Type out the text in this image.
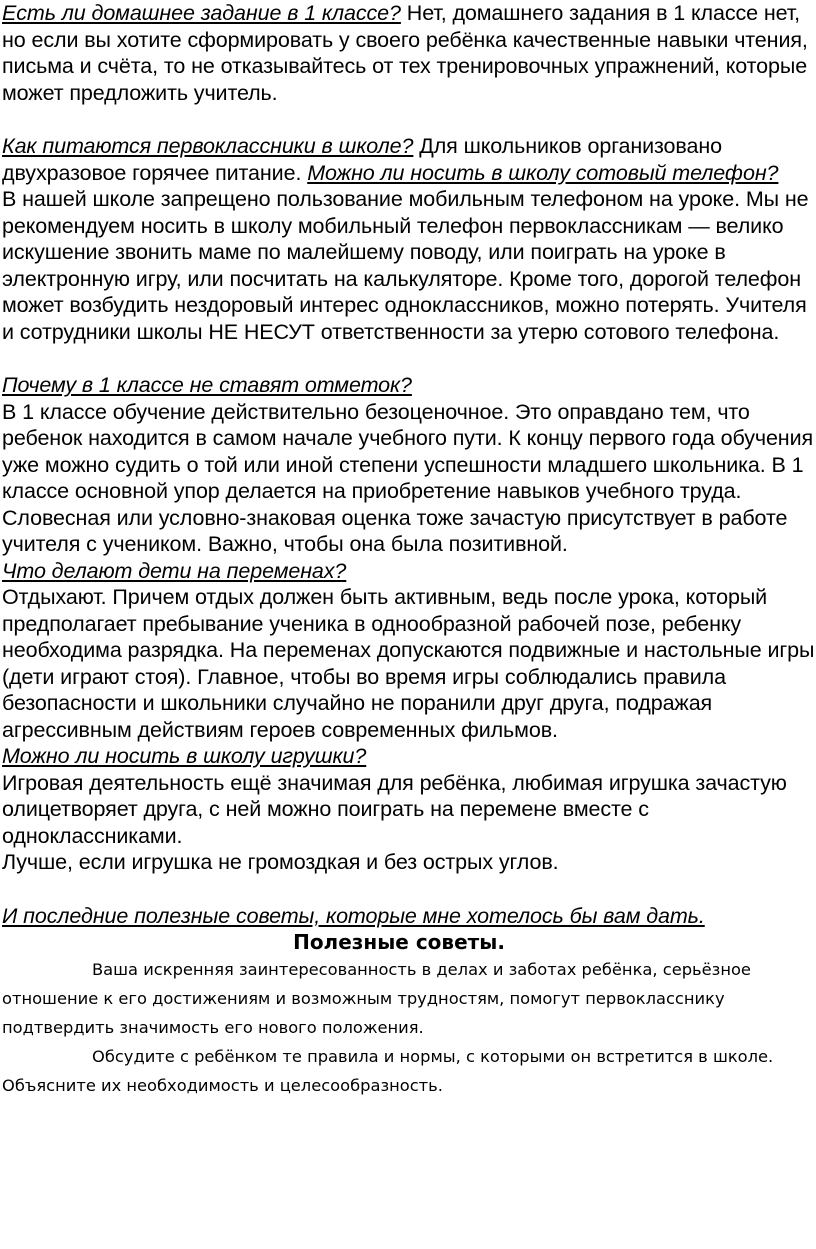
Есть ли домашнее задание в 1 классе? Нет, домашнего задания в 1 классе нет, но если вы хотите сформировать у своего ребёнка качественные навыки чтения, письма и счёта, то не отказывайтесь от тех тренировочных упражнений, которые может предложить учитель.

Как питаются первоклассники в школе? Для школьников организовано двухразовое горячее питание. Можно ли носить в школу сотовый телефон?

В нашей школе запрещено пользование мобильным телефоном на уроке. Мы не рекомендуем носить в школу мобильный телефон первоклассникам — велико искушение звонить маме по малейшему поводу, или поиграть на уроке в электронную игру, или посчитать на калькуляторе. Кроме того, дорогой телефон может возбудить нездоровый интерес одноклассников, можно потерять. Учителя и сотрудники школы НЕ НЕСУТ ответственности за утерю сотового телефона.

Почему в 1 классе не ставят отметок?

В 1 классе обучение действительно безоценочное. Это оправдано тем, что ребенок находится в самом начале учебного пути. К концу первого года обучения уже можно судить о той или иной степени успешности младшего школьника. В 1 классе основной упор делается на приобретение навыков учебного труда. Словесная или условно-знаковая оценка тоже зачастую присутствует в работе учителя с учеником. Важно, чтобы она была позитивной.

Что делают дети на переменах?

Отдыхают. Причем отдых должен быть активным, ведь после урока, который предполагает пребывание ученика в однообразной рабочей позе, ребенку необходима разрядка. На переменах допускаются подвижные и настольные игры (дети играют стоя). Главное, чтобы во время игры соблюдались правила безопасности и школьники случайно не поранили друг друга, подражая агрессивным действиям героев современных фильмов.

Можно ли носить в школу игрушки?

Игровая деятельность ещё значимая для ребёнка, любимая игрушка зачастую олицетворяет друга, с ней можно поиграть на перемене вместе с одноклассниками.

Лучше, если игрушка не громоздкая и без острых углов.

И последние полезные советы, которые мне хотелось бы вам дать.

Полезные советы.

Ваша искренняя заинтересованность в делах и заботах ребёнка, серьёзное отношение к его достижениям и возможным трудностям, помогут первокласснику подтвердить значимость его нового положения.

Обсудите с ребёнком те правила и нормы, с которыми он встретится в школе. Объясните их необходимость и целесообразность.
